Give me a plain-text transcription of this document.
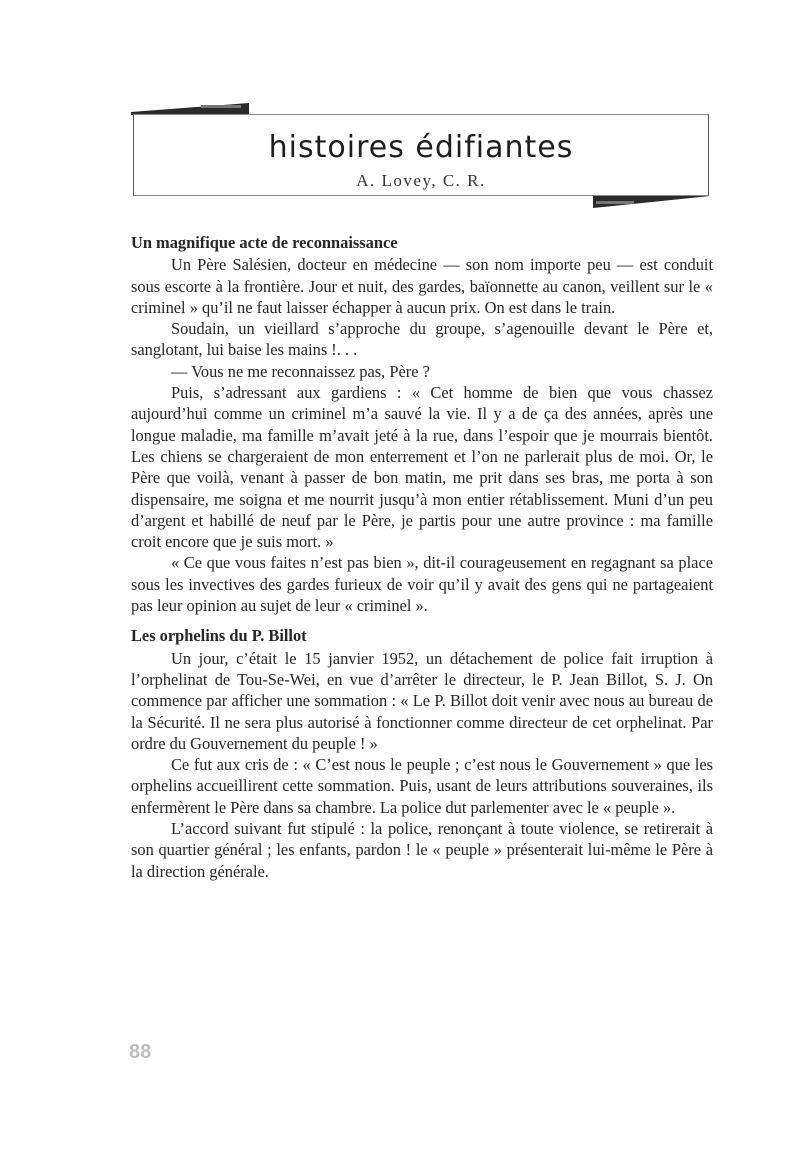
histoires édifiantes
A. Lovey, C. R.
Un magnifique acte de reconnaissance

Un Père Salésien, docteur en médecine — son nom importe peu — est conduit sous escorte à la frontière. Jour et nuit, des gardes, baïonnette au canon, veillent sur le « criminel » qu’il ne faut laisser échapper à aucun prix. On est dans le train.

Soudain, un vieillard s’approche du groupe, s’agenouille devant le Père et, sanglotant, lui baise les mains !. . .

— Vous ne me reconnaissez pas, Père ?

Puis, s’adressant aux gardiens : « Cet homme de bien que vous chassez aujourd’hui comme un criminel m’a sauvé la vie. Il y a de ça des années, après une longue maladie, ma famille m’avait jeté à la rue, dans l’espoir que je mourrais bientôt. Les chiens se chargeraient de mon enterrement et l’on ne parlerait plus de moi. Or, le Père que voilà, venant à passer de bon matin, me prit dans ses bras, me porta à son dispensaire, me soigna et me nourrit jusqu’à mon entier rétablissement. Muni d’un peu d’argent et habillé de neuf par le Père, je partis pour une autre province : ma famille croit encore que je suis mort. »

« Ce que vous faites n’est pas bien », dit-il courageusement en regagnant sa place sous les invectives des gardes furieux de voir qu’il y avait des gens qui ne partageaient pas leur opinion au sujet de leur « criminel ».

Les orphelins du P. Billot

Un jour, c’était le 15 janvier 1952, un détachement de police fait irruption à l’orphelinat de Tou-Se-Wei, en vue d’arrêter le directeur, le P. Jean Billot, S. J. On commence par afficher une sommation : « Le P. Billot doit venir avec nous au bureau de la Sécurité. Il ne sera plus autorisé à fonctionner comme directeur de cet orphelinat. Par ordre du Gouvernement du peuple ! »

Ce fut aux cris de : « C’est nous le peuple ; c’est nous le Gouvernement » que les orphelins accueillirent cette sommation. Puis, usant de leurs attributions souveraines, ils enfermèrent le Père dans sa chambre. La police dut parlementer avec le « peuple ».

L’accord suivant fut stipulé : la police, renonçant à toute violence, se retirerait à son quartier général ; les enfants, pardon ! le « peuple » présenterait lui-même le Père à la direction générale.

88
